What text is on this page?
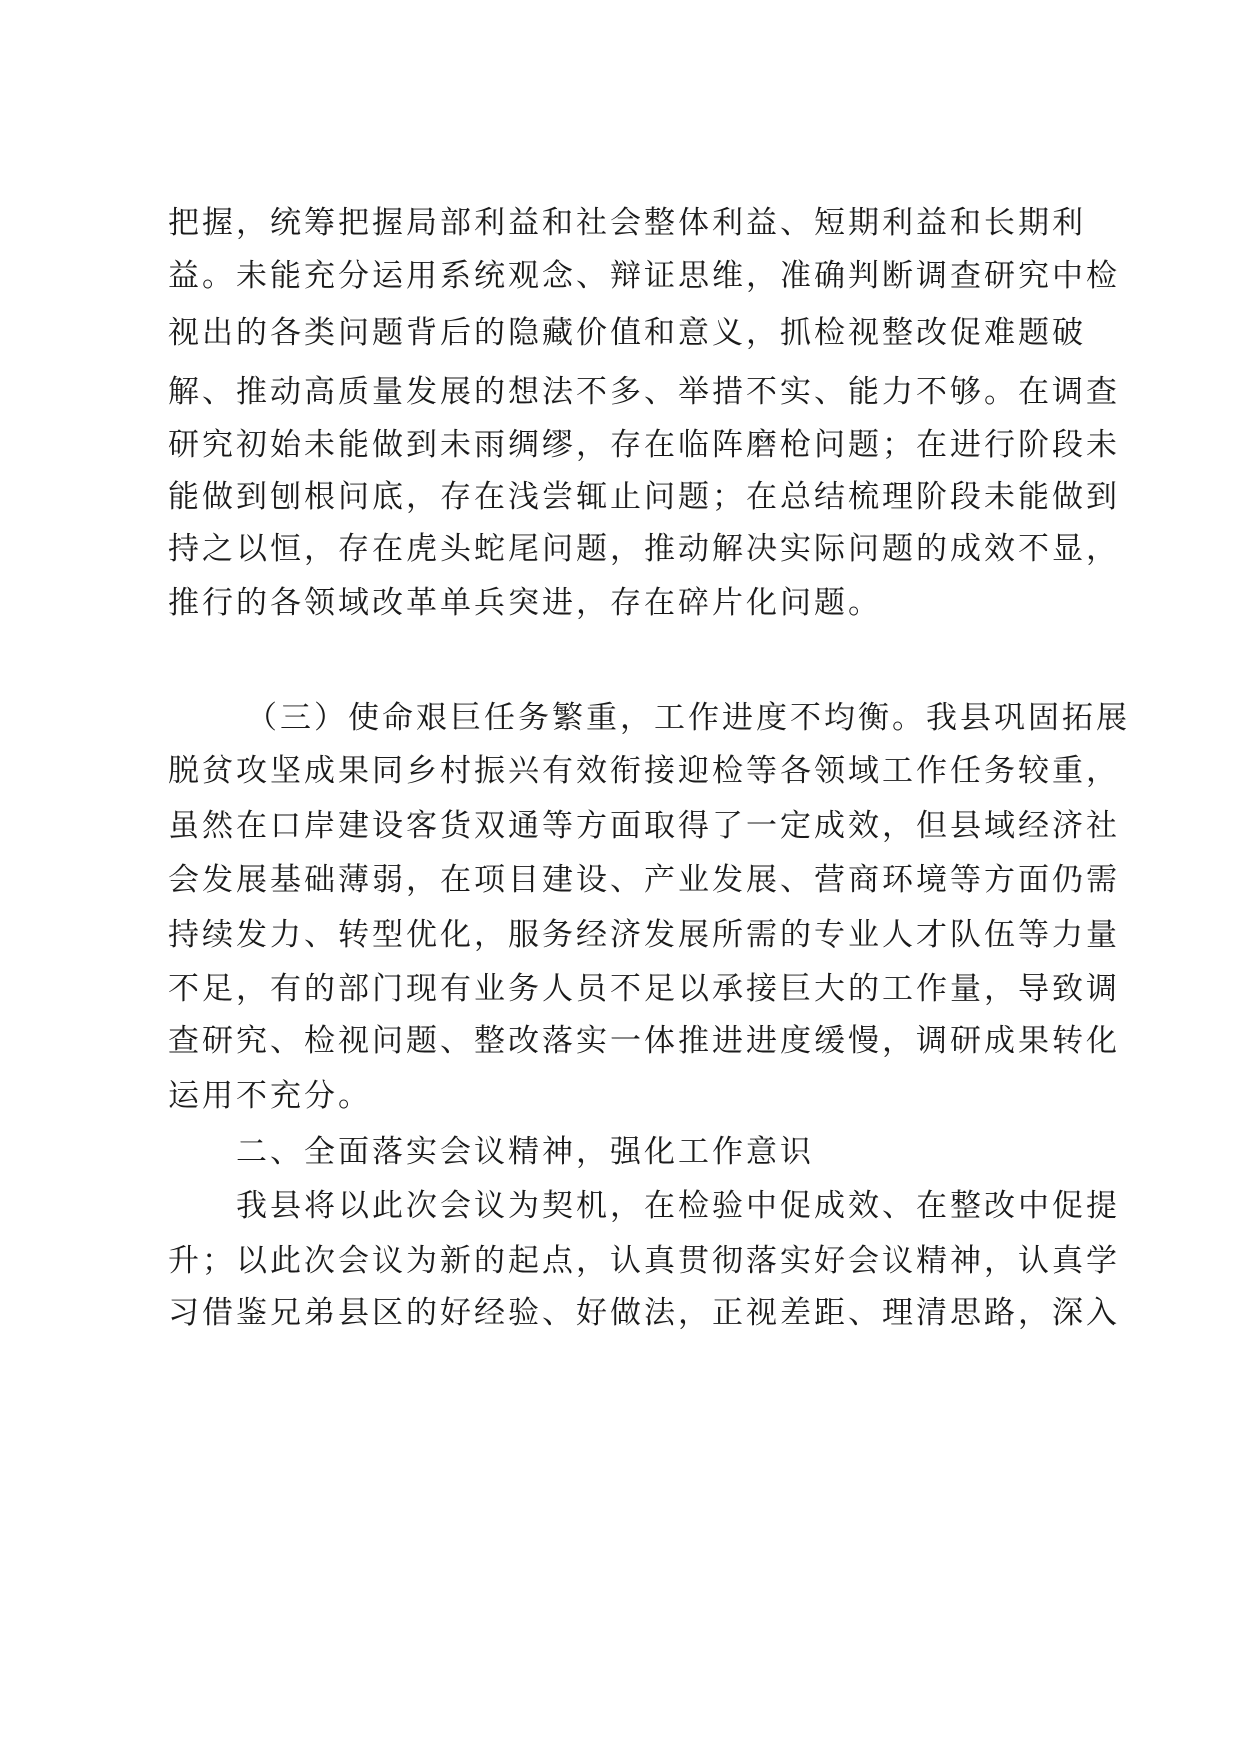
把握，统筹把握局部利益和社会整体利益、短期利益和长期利

益。未能充分运用系统观念、辩证思维，准确判断调查研究中检

视出的各类问题背后的隐藏价值和意义，抓检视整改促难题破

解、推动高质量发展的想法不多、举措不实、能力不够。在调查

研究初始未能做到未雨绸缪，存在临阵磨枪问题；在进行阶段未

能做到刨根问底，存在浅尝辄止问题；在总结梳理阶段未能做到

持之以恒，存在虎头蛇尾问题，推动解决实际问题的成效不显，

推行的各领域改革单兵突进，存在碎片化问题。

（三）使命艰巨任务繁重，工作进度不均衡。我县巩固拓展

脱贫攻坚成果同乡村振兴有效衔接迎检等各领域工作任务较重，

虽然在口岸建设客货双通等方面取得了一定成效，但县域经济社

会发展基础薄弱，在项目建设、产业发展、营商环境等方面仍需

持续发力、转型优化，服务经济发展所需的专业人才队伍等力量

不足，有的部门现有业务人员不足以承接巨大的工作量，导致调

查研究、检视问题、整改落实一体推进进度缓慢，调研成果转化

运用不充分。

二、全面落实会议精神，强化工作意识

我县将以此次会议为契机，在检验中促成效、在整改中促提

升；以此次会议为新的起点，认真贯彻落实好会议精神，认真学

习借鉴兄弟县区的好经验、好做法，正视差距、理清思路，深入
